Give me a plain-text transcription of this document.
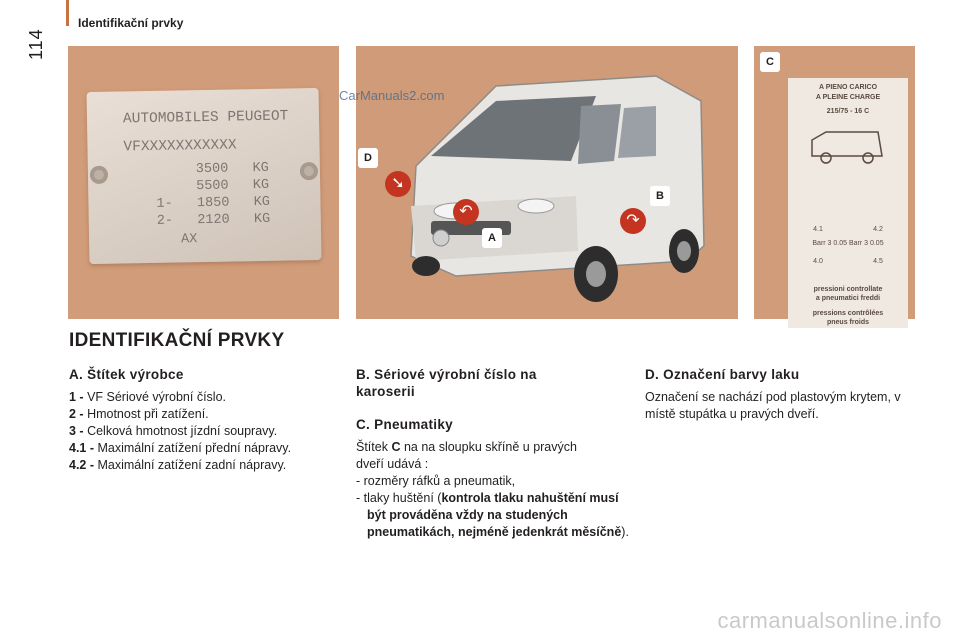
114
Identifikační prvky
AUTOMOBILES PEUGEOT
VFXXXXXXXXXXX
3500   KG
5500   KG
1-   1850   KG
2-   2120   KG
AX
➘
↶
↷
D
A
B
CarManuals2.com
C
A PIENO CARICO
A PLEINE CHARGE
215/75 - 16 C
4.1	4.2
Barr 3 0.05 Barr 3 0.05
4.0	4.5
pressioni controllate
a pneumatici freddi
pressions contrôlées
pneus froids
IDENTIFIKAČNÍ PRVKY
A. Štítek výrobce

1 - VF Sériové výrobní číslo.

2 - Hmotnost při zatížení.

3 - Celková hmotnost jízdní soupravy.

4.1 - Maximální zatížení přední nápravy.

4.2 - Maximální zatížení zadní nápravy.

B. Sériové výrobní číslo na karoserii
C. Pneumatiky

Štítek C na na sloupku skříně u pravých dveří udává :

- rozměry ráfků a pneumatik,

- tlaky huštění (kontrola tlaku nahuštění musí být prováděna vždy na studených pneumatikách, nejméně jedenkrát měsíčně).

D. Označení barvy laku

Označení se nachází pod plastovým krytem, v místě stupátka u pravých dveří.

carmanualsonline.info
